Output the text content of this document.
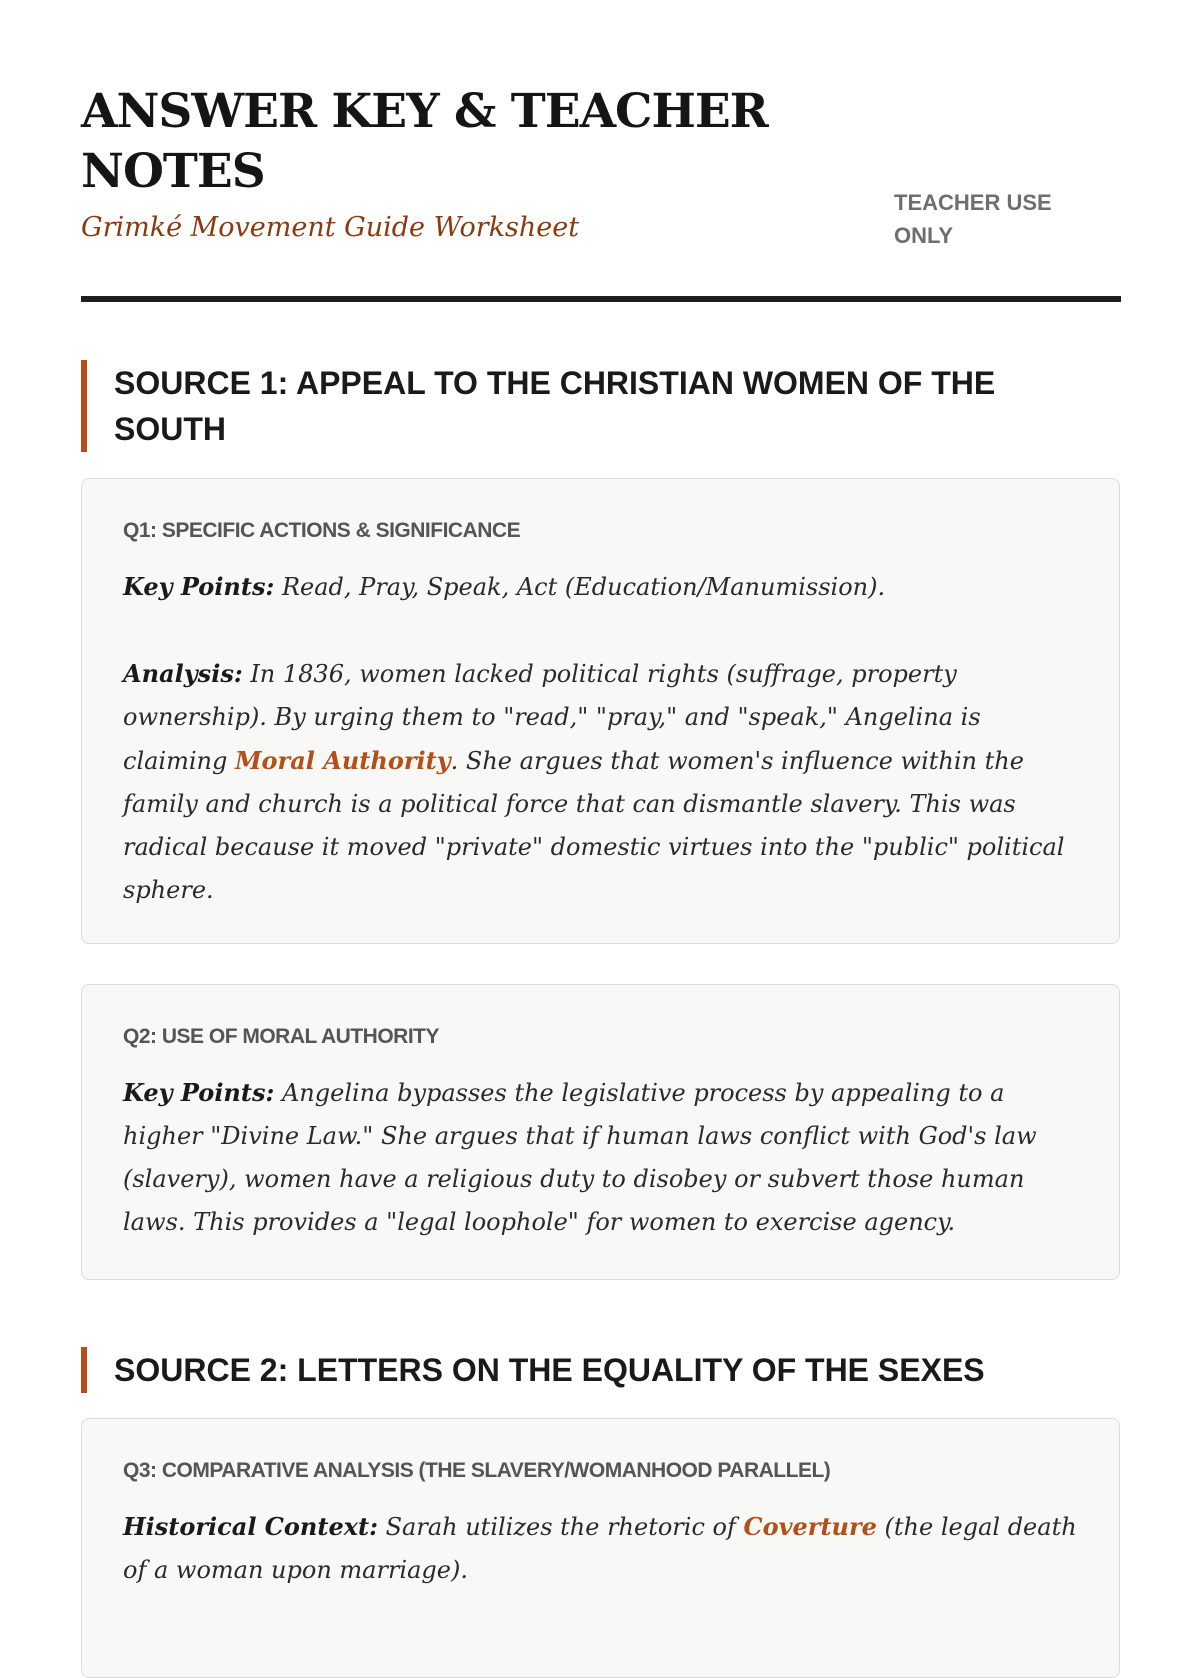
ANSWER KEY & TEACHER NOTES

Grimké Movement Guide Worksheet

TEACHER USE ONLY
SOURCE 1: APPEAL TO THE CHRISTIAN WOMEN OF THE SOUTH
Q1: SPECIFIC ACTIONS & SIGNIFICANCE

Key Points: Read, Pray, Speak, Act (Education/Manumission).

Analysis: In 1836, women lacked political rights (suffrage, property ownership). By urging them to "read," "pray," and "speak," Angelina is claiming Moral Authority. She argues that women's influence within the family and church is a political force that can dismantle slavery. This was radical because it moved "private" domestic virtues into the "public" political sphere.

Q2: USE OF MORAL AUTHORITY

Key Points: Angelina bypasses the legislative process by appealing to a higher "Divine Law." She argues that if human laws conflict with God's law (slavery), women have a religious duty to disobey or subvert those human laws. This provides a "legal loophole" for women to exercise agency.

SOURCE 2: LETTERS ON THE EQUALITY OF THE SEXES
Q3: COMPARATIVE ANALYSIS (THE SLAVERY/WOMANHOOD PARALLEL)

Historical Context: Sarah utilizes the rhetoric of Coverture (the legal death of a woman upon marriage).
